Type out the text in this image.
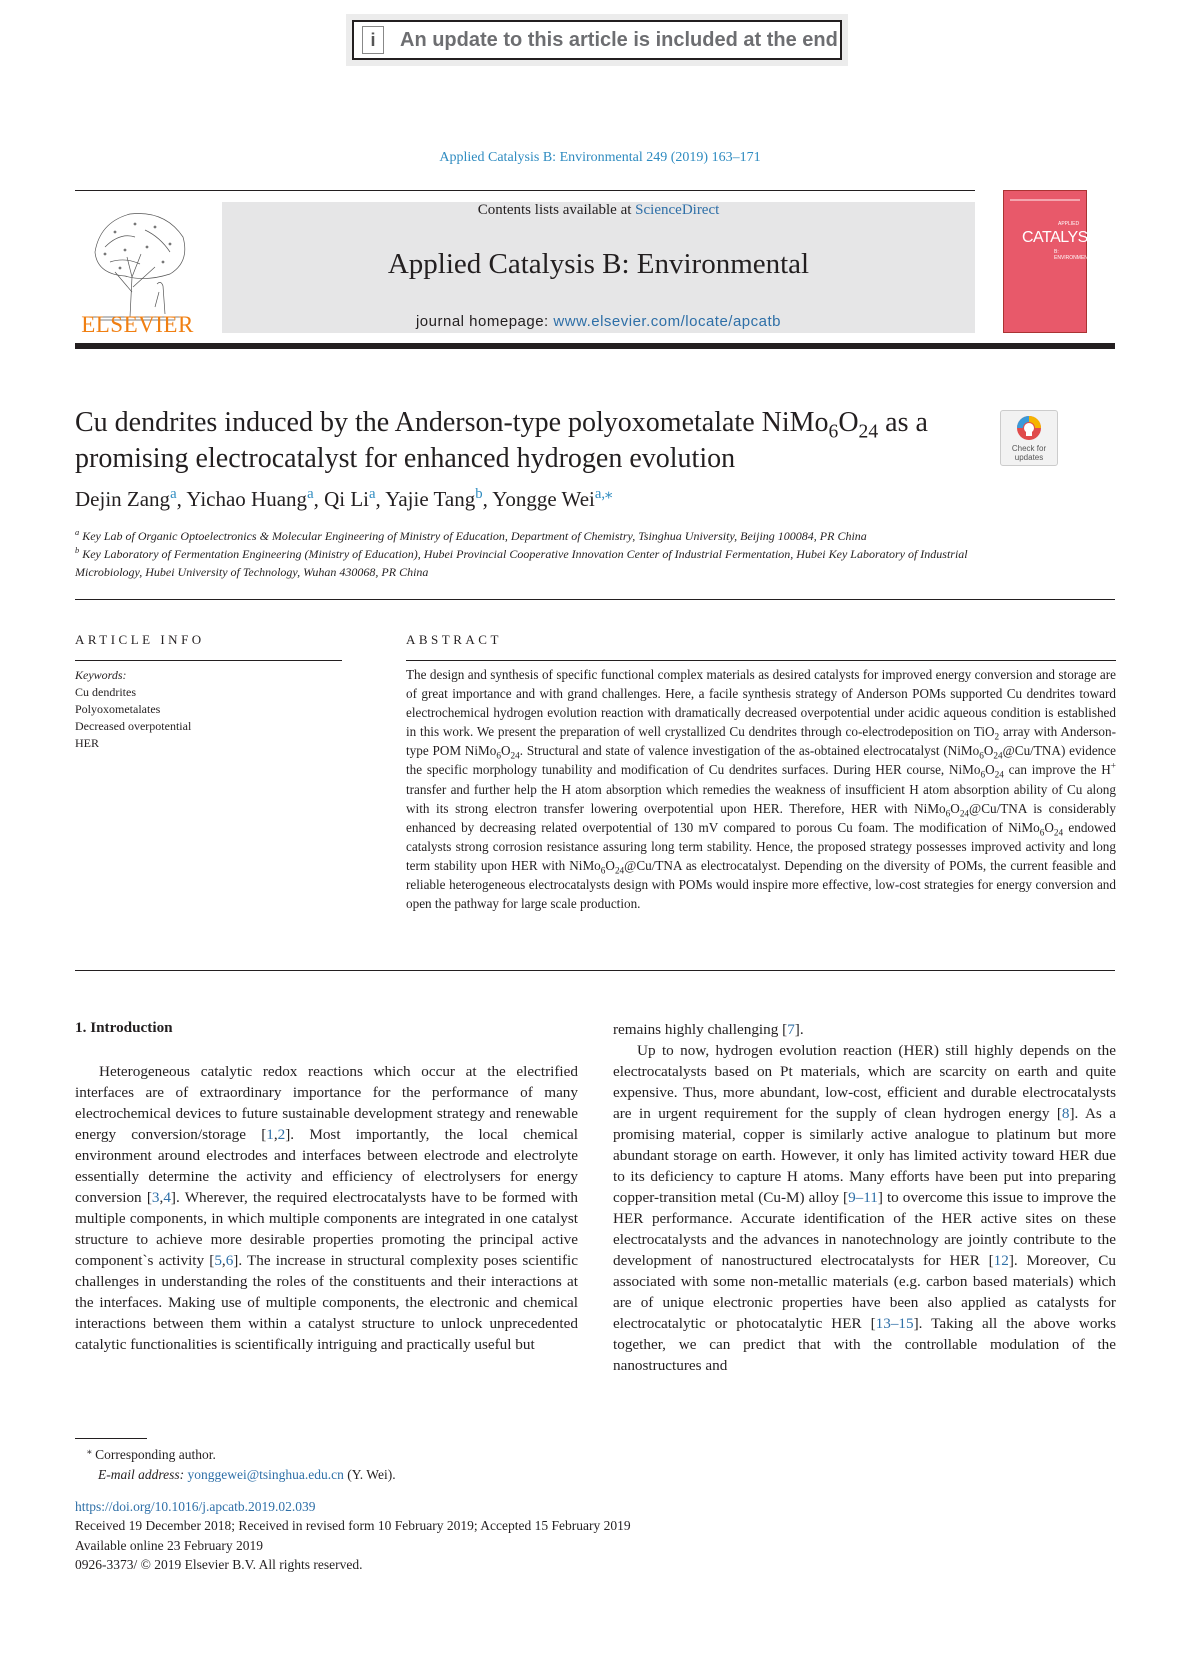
i	An update to this article is included at the end
Applied Catalysis B: Environmental 249 (2019) 163–171
ELSEVIER
Contents lists available at ScienceDirect
Applied Catalysis B: Environmental
journal homepage: www.elsevier.com/locate/apcatb
APPLIED
CATALYSIS
B: ENVIRONMENTAL
Cu dendrites induced by the Anderson-type polyoxometalate $NiMo_6O_{24}$ as a promising electrocatalyst for enhanced hydrogen evolution	Check for updates
Dejin Zang$^a$, Yichao Huang$^a$, Qi Li$^a$, Yajie Tang$^b$, Yongge Wei$^{a,⁎}$
$^a$ Key Lab of Organic Optoelectronics & Molecular Engineering of Ministry of Education, Department of Chemistry, Tsinghua University, Beijing 100084, PR China
$^b$ Key Laboratory of Fermentation Engineering (Ministry of Education), Hubei Provincial Cooperative Innovation Center of Industrial Fermentation, Hubei Key Laboratory of Industrial Microbiology, Hubei University of Technology, Wuhan 430068, PR China
ARTICLE INFO
Keywords:
Cu dendrites
Polyoxometalates
Decreased overpotential
HER
ABSTRACT
The design and synthesis of specific functional complex materials as desired catalysts for improved energy conversion and storage are of great importance and with grand challenges. Here, a facile synthesis strategy of Anderson POMs supported Cu dendrites toward electrochemical hydrogen evolution reaction with dramatically decreased overpotential under acidic aqueous condition is established in this work. We present the preparation of well crystallized Cu dendrites through co-electrodeposition on TiO$_2$ array with Anderson-type POM $NiMo_6O_{24}$. Structural and state of valence investigation of the as-obtained electrocatalyst $(NiMo_6O_{24}@Cu/TNA)$ evidence the specific morphology tunability and modification of Cu dendrites surfaces. During HER course, $NiMo_6O_{24}$ can improve the H+ transfer and further help the H atom absorption which remedies the weakness of insufficient H atom absorption ability of Cu along with its strong electron transfer lowering overpotential upon HER. Therefore, HER with $NiMo_6O_{24}@Cu$/TNA is considerably enhanced by decreasing related overpotential of 130 mV compared to porous Cu foam. The modification of $NiMo_6O_{24}$ endowed catalysts strong corrosion resistance assuring long term stability. Hence, the proposed strategy possesses improved activity and long term stability upon HER with $NiMo_6O_{24}@Cu$/TNA as electrocatalyst. Depending on the diversity of POMs, the current feasible and reliable heterogeneous electrocatalysts design with POMs would inspire more effective, low-cost strategies for energy conversion and open the pathway for large scale production.
1. Introduction
Heterogeneous catalytic redox reactions which occur at the electrified interfaces are of extraordinary importance for the performance of many electrochemical devices to future sustainable development strategy and renewable energy conversion/storage [1,2]. Most importantly, the local chemical environment around electrodes and interfaces between electrode and electrolyte essentially determine the activity and efficiency of electrolysers for energy conversion [3,4]. Wherever, the required electrocatalysts have to be formed with multiple components, in which multiple components are integrated in one catalyst structure to achieve more desirable properties promoting the principal active component`s activity [5,6]. The increase in structural complexity poses scientific challenges in understanding the roles of the constituents and their interactions at the interfaces. Making use of multiple components, the electronic and chemical interactions between them within a catalyst structure to unlock unprecedented catalytic functionalities is scientifically intriguing and practically useful but
remains highly challenging [7].
Up to now, hydrogen evolution reaction (HER) still highly depends on the electrocatalysts based on Pt materials, which are scarcity on earth and quite expensive. Thus, more abundant, low-cost, efficient and durable electrocatalysts are in urgent requirement for the supply of clean hydrogen energy [8]. As a promising material, copper is similarly active analogue to platinum but more abundant storage on earth. However, it only has limited activity toward HER due to its deficiency to capture H atoms. Many efforts have been put into preparing copper-transition metal (Cu-M) alloy [9–11] to overcome this issue to improve the HER performance. Accurate identification of the HER active sites on these electrocatalysts and the advances in nanotechnology are jointly contribute to the development of nanostructured electrocatalysts for HER [12]. Moreover, Cu associated with some non-metallic materials (e.g. carbon based materials) which are of unique electronic properties have been also applied as catalysts for electrocatalytic or photocatalytic HER [13–15]. Taking all the above works together, we can predict that with the controllable modulation of the nanostructures and
⁎ Corresponding author.
E-mail address: yonggewei@tsinghua.edu.cn (Y. Wei).
https://doi.org/10.1016/j.apcatb.2019.02.039
Received 19 December 2018; Received in revised form 10 February 2019; Accepted 15 February 2019
Available online 23 February 2019
0926-3373/ © 2019 Elsevier B.V. All rights reserved.
